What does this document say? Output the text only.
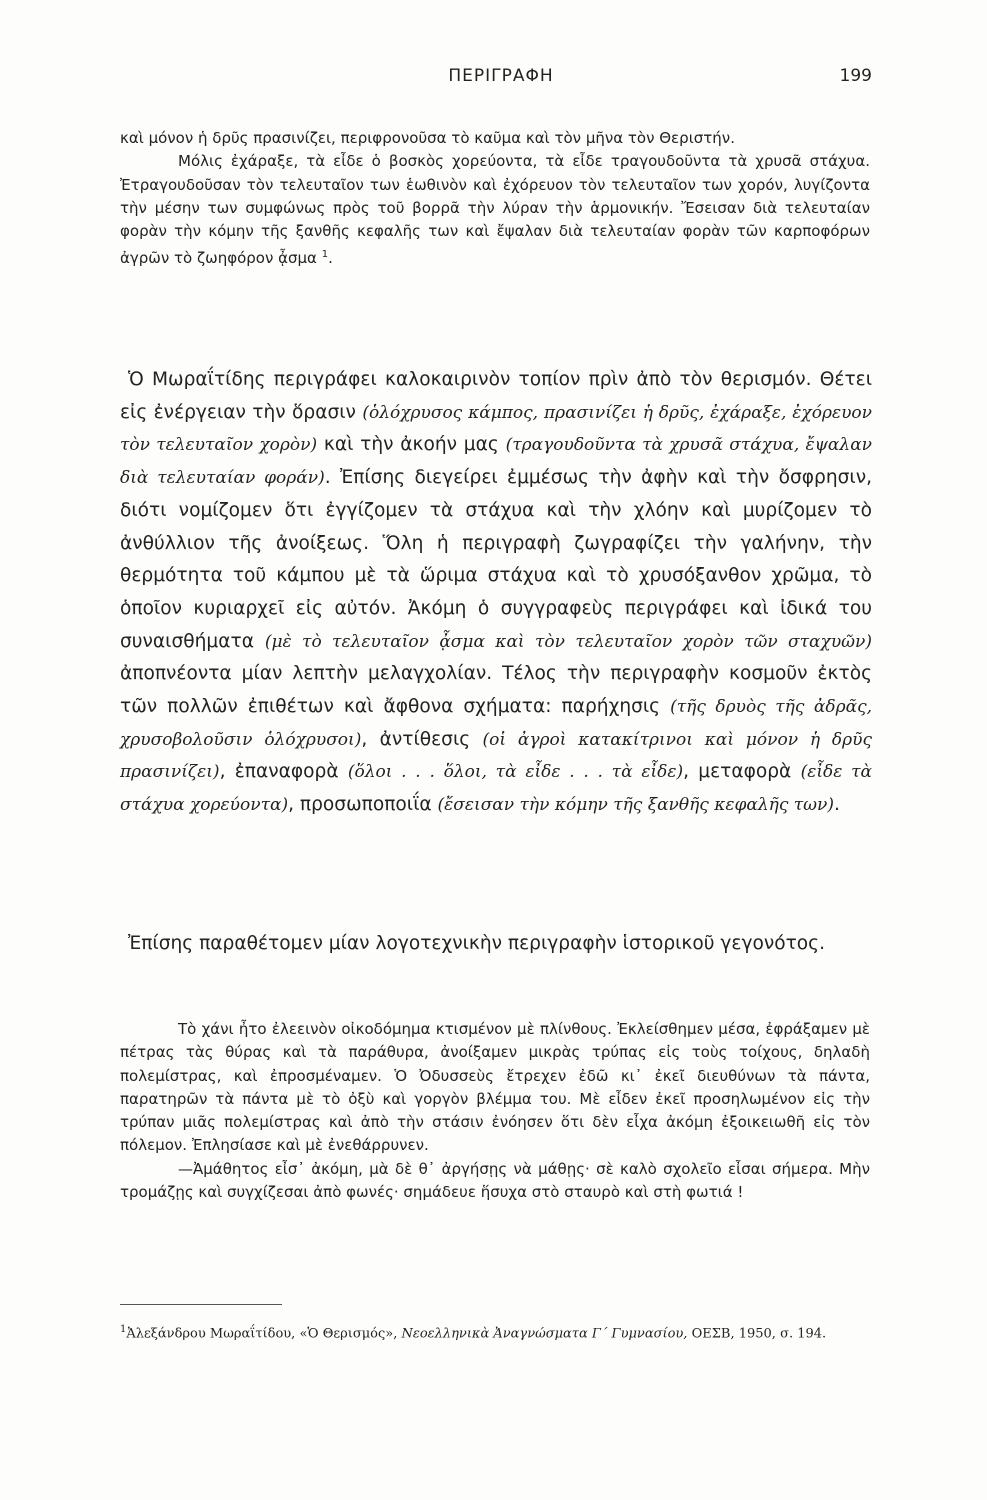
ΠΕΡΙΓΡΑΦΗ	199

καὶ μόνον ἡ δρῦς πρασινίζει, περιφρονοῦσα τὸ καῦμα καὶ τὸν μῆνα τὸν Θεριστήν.

Μόλις ἐχάραξε, τὰ εἶδε ὁ βοσκὸς χορεύοντα, τὰ εἶδε τραγουδοῦντα τὰ χρυσᾶ στάχυα. Ἐτραγουδοῦσαν τὸν τελευταῖον των ἑωθινὸν καὶ ἐχόρευον τὸν τελευταῖον των χορόν, λυγίζοντα τὴν μέσην των συμφώνως πρὸς τοῦ βορρᾶ τὴν λύραν τὴν ἁρμονικήν. Ἔσεισαν διὰ τελευταίαν φορὰν τὴν κόμην τῆς ξανθῆς κεφαλῆς των καὶ ἔψαλαν διὰ τελευταίαν φορὰν τῶν καρποφόρων ἀγρῶν τὸ ζωηφόρον ᾆσμα $^1$.

Ὁ Μωραΐτίδης περιγράφει καλοκαιρινὸν τοπίον πρὶν ἀπὸ τὸν θερισμόν. Θέτει εἰς ἐνέργειαν τὴν ὅρασιν (ὁλόχρυσος κάμπος, πρασινίζει ἡ δρῦς, ἐχάραξε, ἐχόρευον τὸν τελευταῖον χορὸν) καὶ τὴν ἀκοήν μας (τραγουδοῦντα τὰ χρυσᾶ στάχυα, ἔψαλαν διὰ τελευταίαν φοράν). Ἐπίσης διεγείρει ἐμμέσως τὴν ἀφὴν καὶ τὴν ὄσφρησιν, διότι νομίζομεν ὅτι ἐγγίζομεν τὰ στάχυα καὶ τὴν χλόην καὶ μυρίζομεν τὸ ἀνθύλλιον τῆς ἀνοίξεως. Ὅλη ἡ περιγραφὴ ζωγραφίζει τὴν γαλήνην, τὴν θερμότητα τοῦ κάμπου μὲ τὰ ὥριμα στάχυα καὶ τὸ χρυσόξανθον χρῶμα, τὸ ὁποῖον κυριαρχεῖ εἰς αὐτόν. Ἀκόμη ὁ συγγραφεὺς περιγράφει καὶ ἰδικά του συναισθήματα (μὲ τὸ τελευταῖον ᾆσμα καὶ τὸν τελευταῖον χορὸν τῶν σταχυῶν) ἀποπνέοντα μίαν λεπτὴν μελαγχολίαν. Τέλος τὴν περιγραφὴν κοσμοῦν ἐκτὸς τῶν πολλῶν ἐπιθέτων καὶ ἄφθονα σχήματα: παρήχησις (τῆς δρυὸς τῆς ἀδρᾶς, χρυσοβολοῦσιν ὁλόχρυσοι), ἀντίθεσις (οἱ ἀγροὶ κατακίτρινοι καὶ μόνον ἡ δρῦς πρασινίζει), ἐπαναφορὰ (ὅλοι . . . ὅλοι, τὰ εἶδε . . . τὰ εἶδε), μεταφορὰ (εἶδε τὰ στάχυα χορεύοντα), προσωποποιΐα (ἔσεισαν τὴν κόμην τῆς ξανθῆς κεφαλῆς των).

Ἐπίσης παραθέτομεν μίαν λογοτεχνικὴν περιγραφὴν ἱστορικοῦ γεγονότος.

Τὸ χάνι ἦτο ἐλεεινὸν οἰκοδόμημα κτισμένον μὲ πλίνθους. Ἐκλείσθημεν μέσα, ἐφράξαμεν μὲ πέτρας τὰς θύρας καὶ τὰ παράθυρα, ἀνοίξαμεν μικρὰς τρύπας εἰς τοὺς τοίχους, δηλαδὴ πολεμίστρας, καὶ ἐπροσμέναμεν. Ὁ Ὀδυσσεὺς ἔτρεχεν ἐδῶ κι᾽ ἐκεῖ διευθύνων τὰ πάντα, παρατηρῶν τὰ πάντα μὲ τὸ ὀξὺ καὶ γοργὸν βλέμμα του. Μὲ εἶδεν ἐκεῖ προσηλωμένον εἰς τὴν τρύπαν μιᾶς πολεμίστρας καὶ ἀπὸ τὴν στάσιν ἐνόησεν ὅτι δὲν εἶχα ἀκόμη ἐξοικειωθῆ εἰς τὸν πόλεμον. Ἐπλησίασε καὶ μὲ ἐνεθάρρυνεν.

—Ἀμάθητος εἶσ᾽ ἀκόμη, μὰ δὲ θ᾽ ἀργήσῃς νὰ μάθῃς· σὲ καλὸ σχολεῖο εἶσαι σήμερα. Μὴν τρομάζῃς καὶ συγχίζεσαι ἀπὸ φωνές· σημάδευε ἥσυχα στὸ σταυρὸ καὶ στὴ φωτιά !

$^1$Ἀλεξάνδρου Μωραΐτίδου, «Ὁ Θερισμός», Νεοελληνικὰ Ἀναγνώσματα Γ΄ Γυμνασίου, ΟΕΣΒ, 1950, σ. 194.
